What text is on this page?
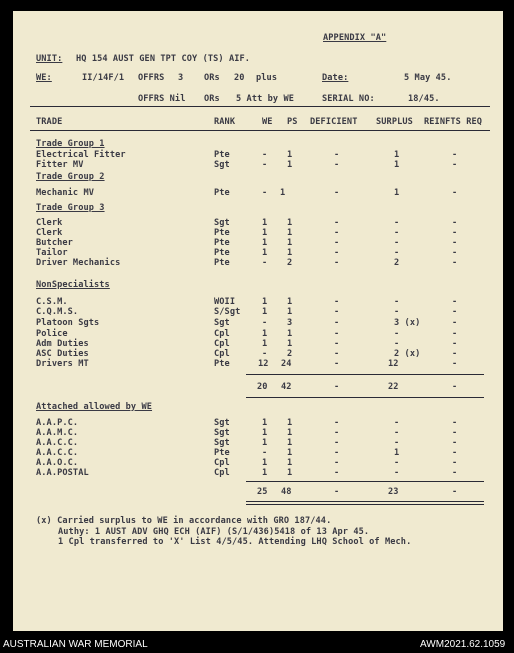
APPENDIX "A"
UNIT: HQ 154 AUST GEN TPT COY (TS) AIF.
WE:	II/14F/1 OFFRS 3 ORs 20 plus	Date:	5 May 45.
OFFRS Nil ORs 5 Att by WE	SERIAL NO:	18/45.
TRADE	RANK	WE PS DEFICIENT SURPLUS REINFTS REQ
Trade Group 1
Electrical Fitter	Pte	- 1	-	1	-
Fitter MV	Sgt	- 1	-	1	-
Trade Group 2
Mechanic MV	Pte	- 1	-	1	-
Trade Group 3
Clerk	Sgt	1 1	-	-	-
Clerk	Pte	1 1	-	-	-
Butcher	Pte	1 1	-	-	-
Tailor	Pte	1 1	-	-	-
Driver Mechanics	Pte	- 2	-	2	-
NonSpecialists
C.S.M.	WOII	1 1	-	-	-
C.Q.M.S.	S/Sgt	1 1	-	-	-
Platoon Sgts	Sgt	- 3	-	3 (x)	-
Police	Cpl	1 1	-	-	-
Adm Duties	Cpl	1 1	-	-	-
ASC Duties	Cpl	- 2	-	2 (x)	-
Drivers MT	Pte	12 24	-	12	-
20 42	-	22	-
Attached allowed by WE
A.A.P.C.	Sgt	1 1	-	-	-
A.A.M.C.	Sgt	1 1	-	-	-
A.A.C.C.	Sgt	1 1	-	-	-
A.A.C.C.	Pte	- 1	-	1	-
A.A.O.C.	Cpl	1 1	-	-	-
A.A.POSTAL	Cpl	1 1	-	-	-
25 48	-	23	-
(x) Carried surplus to WE in accordance with GRO 187/44.
Authy: 1 AUST ADV GHQ ECH (AIF) (S/1/436)5418 of 13 Apr 45.
1 Cpl transferred to 'X' List 4/5/45. Attending LHQ School of Mech.
AUSTRALIAN WAR MEMORIAL	AWM2021.62.1059
